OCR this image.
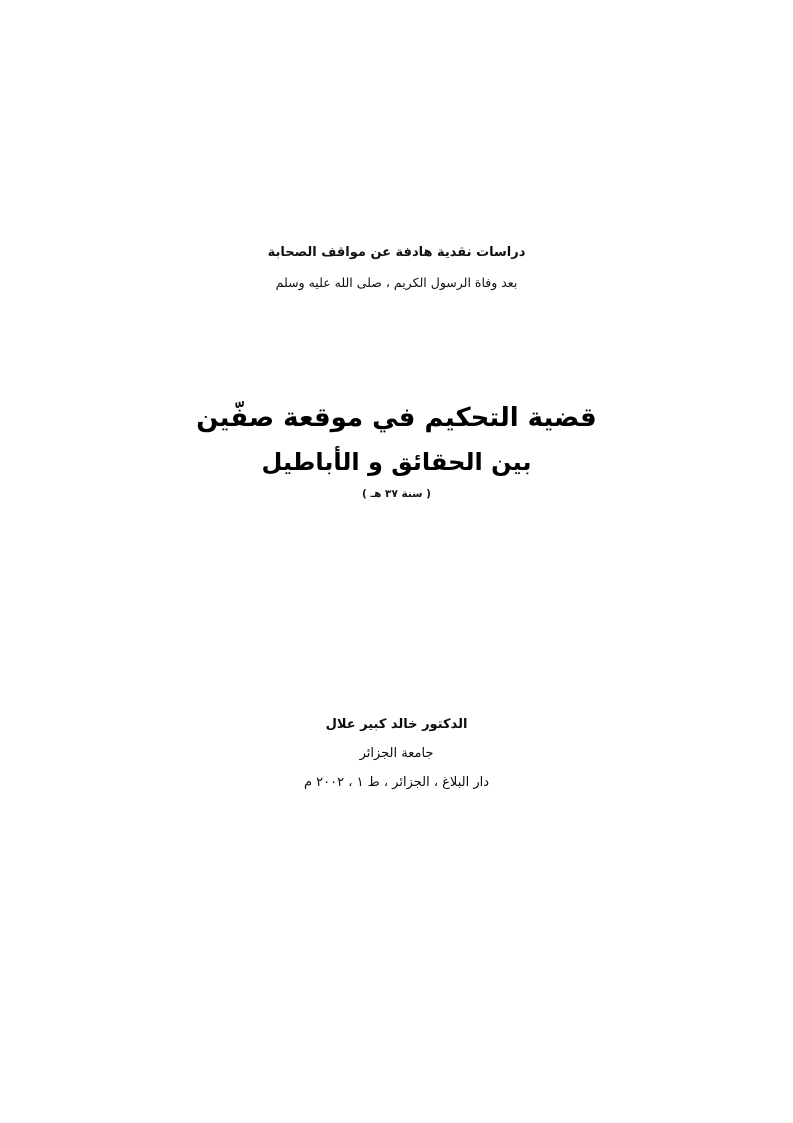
دراسات نقدية هادفة عن مواقف الصحابة
بعد وفاة الرسول الكريم ، صلى الله عليه وسلم
قضية التحكيم في موقعة صفّين
بين الحقائق و الأباطيل
( سنة ٣٧ هـ )
الدكتور خالد كبير علال
جامعة الجزائر
دار البلاغ ، الجزائر ، ط ١ ، ٢٠٠٢ م
